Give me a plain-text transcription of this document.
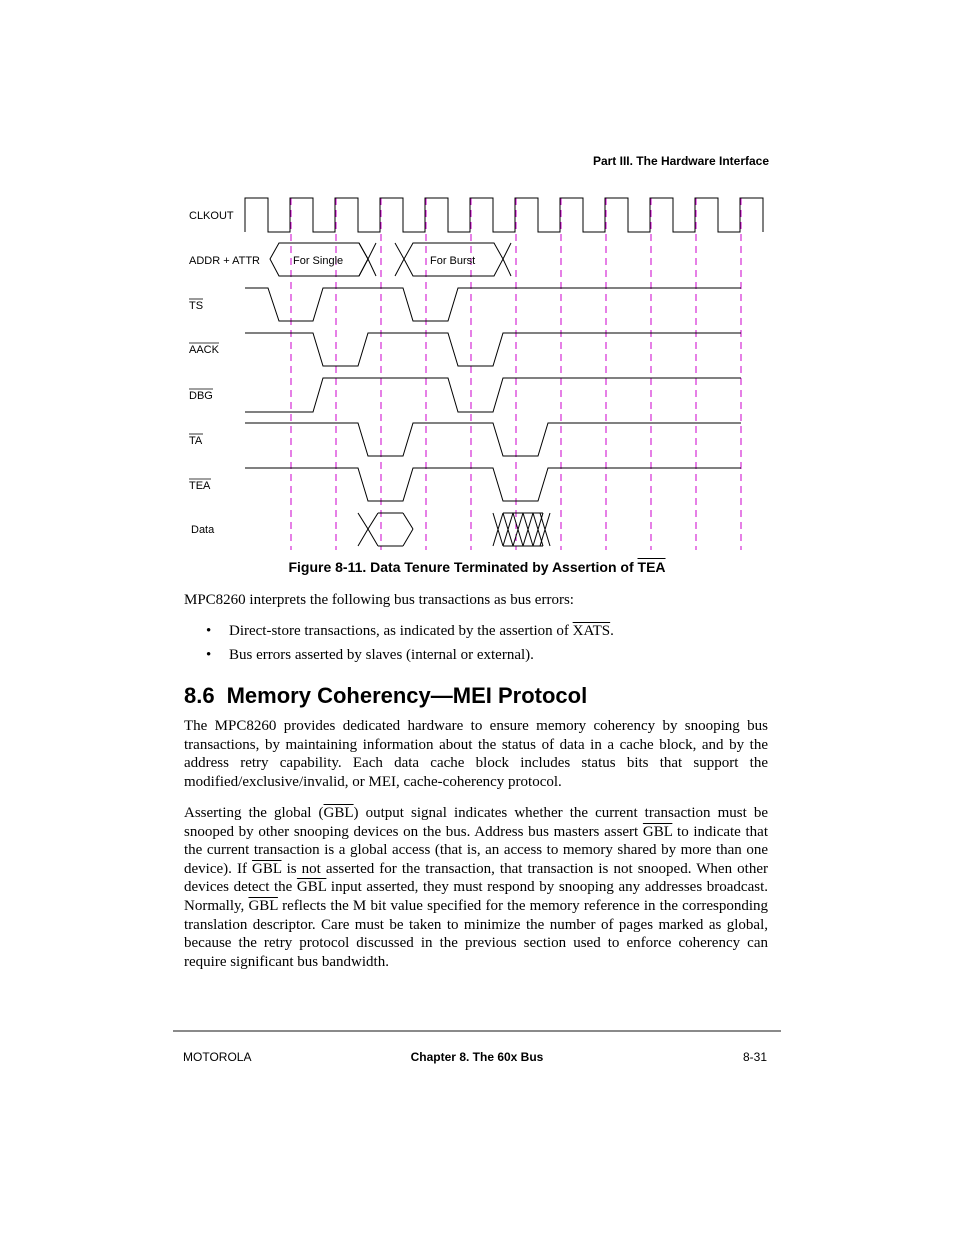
Part III. The Hardware Interface
CLKOUT
ADDR + ATTR
TS
AACK
DBG
TA
TEA
Data
For Single	For Burst
Figure 8-11. Data Tenure Terminated by Assertion of $\overline{TEA}$

MPC8260 interprets the following bus transactions as bus errors:

• Direct-store transactions, as indicated by the assertion of XATS.
• Bus errors asserted by slaves (internal or external).
8.6 Memory Coherency—MEI Protocol

The MPC8260 provides dedicated hardware to ensure memory coherency by snooping bus transactions, by maintaining information about the status of data in a cache block, and by the address retry capability. Each data cache block includes status bits that support the modified/exclusive/invalid, or MEI, cache-coherency protocol.

Asserting the global $(\overline{GBL})$ output signal indicates whether the current transaction must be snooped by other snooping devices on the bus. Address bus masters assert $\overline{GBL}$ to indicate that the current transaction is a global access (that is, an access to memory shared by more than one device). If $\overline{GBL}$ is not asserted for the transaction, that transaction is not snooped. When other devices detect the $\overline{GBL}$ input asserted, they must respond by snooping any addresses broadcast. Normally, $\overline{GBL}$ reflects the M bit value specified for the memory reference in the corresponding translation descriptor. Care must be taken to minimize the number of pages marked as global, because the retry protocol discussed in the previous section used to enforce coherency can require significant bus bandwidth.

MOTOROLA	Chapter 8. The 60x Bus	8-31
